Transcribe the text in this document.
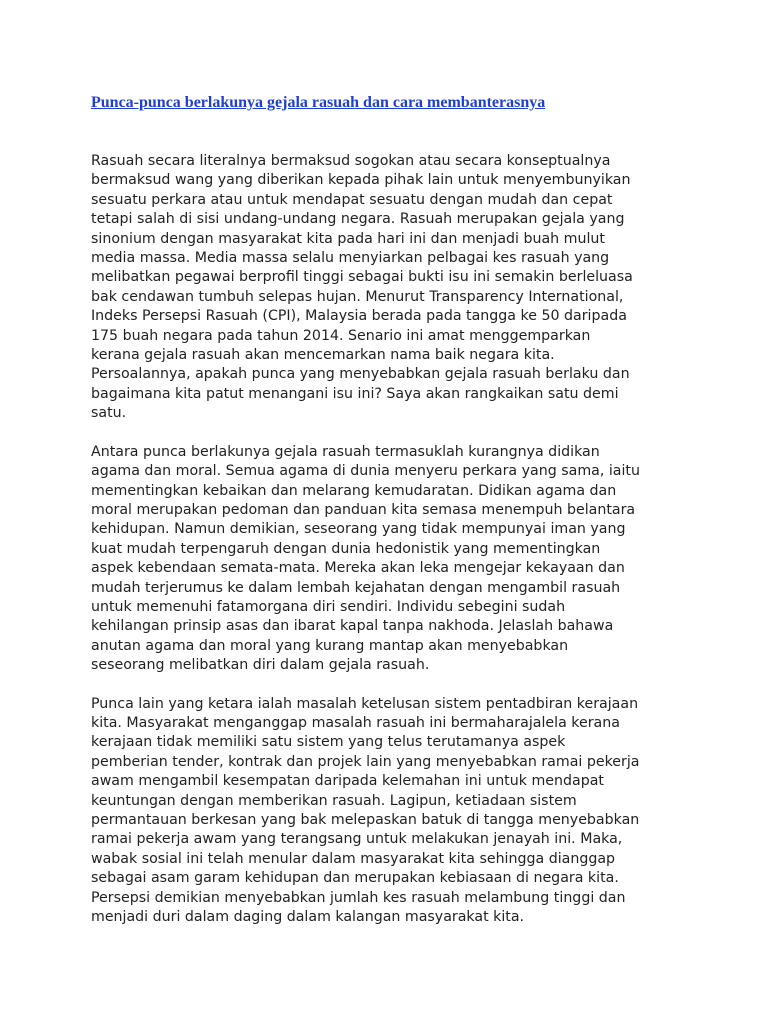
Punca-punca berlakunya gejala rasuah dan cara membanterasnya
Rasuah secara literalnya bermaksud sogokan atau secara konseptualnya
bermaksud wang yang diberikan kepada pihak lain untuk menyembunyikan
sesuatu perkara atau untuk mendapat sesuatu dengan mudah dan cepat
tetapi salah di sisi undang-undang negara. Rasuah merupakan gejala yang
sinonium dengan masyarakat kita pada hari ini dan menjadi buah mulut
media massa. Media massa selalu menyiarkan pelbagai kes rasuah yang
melibatkan pegawai berprofil tinggi sebagai bukti isu ini semakin berleluasa
bak cendawan tumbuh selepas hujan. Menurut Transparency International,
Indeks Persepsi Rasuah (CPI), Malaysia berada pada tangga ke 50 daripada
175 buah negara pada tahun 2014. Senario ini amat menggemparkan
kerana gejala rasuah akan mencemarkan nama baik negara kita.
Persoalannya, apakah punca yang menyebabkan gejala rasuah berlaku dan
bagaimana kita patut menangani isu ini? Saya akan rangkaikan satu demi
satu.
Antara punca berlakunya gejala rasuah termasuklah kurangnya didikan
agama dan moral. Semua agama di dunia menyeru perkara yang sama, iaitu
mementingkan kebaikan dan melarang kemudaratan. Didikan agama dan
moral merupakan pedoman dan panduan kita semasa menempuh belantara
kehidupan. Namun demikian, seseorang yang tidak mempunyai iman yang
kuat mudah terpengaruh dengan dunia hedonistik yang mementingkan
aspek kebendaan semata-mata. Mereka akan leka mengejar kekayaan dan
mudah terjerumus ke dalam lembah kejahatan dengan mengambil rasuah
untuk memenuhi fatamorgana diri sendiri. Individu sebegini sudah
kehilangan prinsip asas dan ibarat kapal tanpa nakhoda. Jelaslah bahawa
anutan agama dan moral yang kurang mantap akan menyebabkan
seseorang melibatkan diri dalam gejala rasuah.
Punca lain yang ketara ialah masalah ketelusan sistem pentadbiran kerajaan
kita. Masyarakat menganggap masalah rasuah ini bermaharajalela kerana
kerajaan tidak memiliki satu sistem yang telus terutamanya aspek
pemberian tender, kontrak dan projek lain yang menyebabkan ramai pekerja
awam mengambil kesempatan daripada kelemahan ini untuk mendapat
keuntungan dengan memberikan rasuah. Lagipun, ketiadaan sistem
permantauan berkesan yang bak melepaskan batuk di tangga menyebabkan
ramai pekerja awam yang terangsang untuk melakukan jenayah ini. Maka,
wabak sosial ini telah menular dalam masyarakat kita sehingga dianggap
sebagai asam garam kehidupan dan merupakan kebiasaan di negara kita.
Persepsi demikian menyebabkan jumlah kes rasuah melambung tinggi dan
menjadi duri dalam daging dalam kalangan masyarakat kita.
